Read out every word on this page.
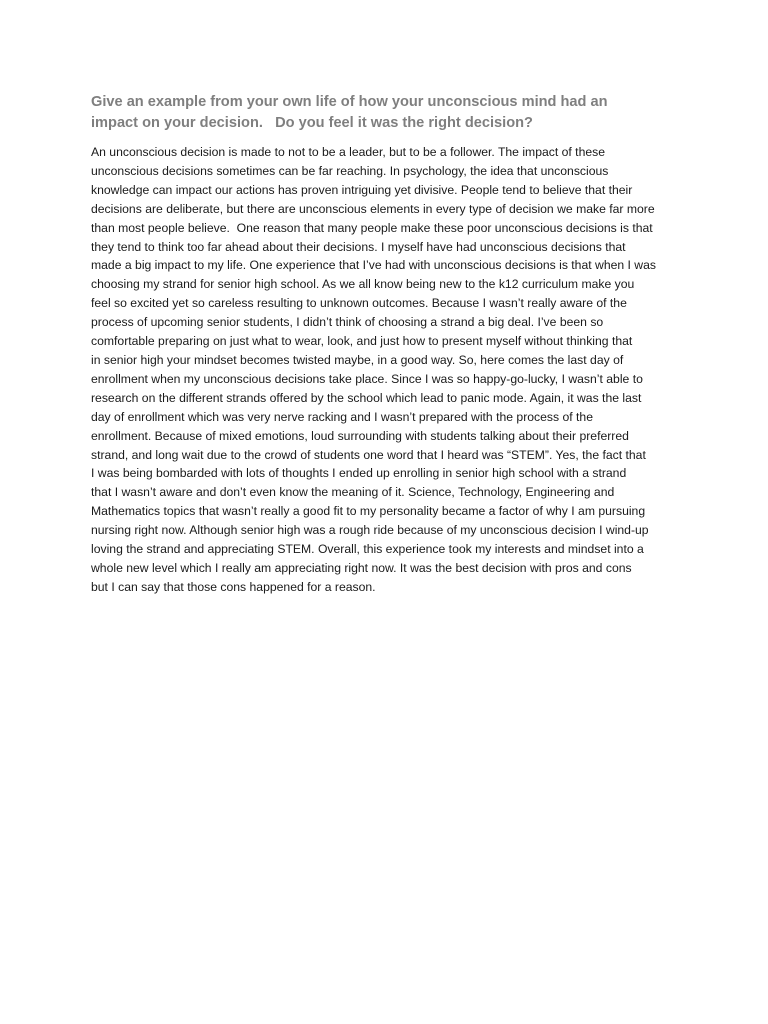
Give an example from your own life of how your unconscious mind had an
impact on your decision.   Do you feel it was the right decision?

An unconscious decision is made to not to be a leader, but to be a follower. The impact of these
unconscious decisions sometimes can be far reaching. In psychology, the idea that unconscious
knowledge can impact our actions has proven intriguing yet divisive. People tend to believe that their
decisions are deliberate, but there are unconscious elements in every type of decision we make far more
than most people believe.  One reason that many people make these poor unconscious decisions is that
they tend to think too far ahead about their decisions. I myself have had unconscious decisions that
made a big impact to my life. One experience that I’ve had with unconscious decisions is that when I was
choosing my strand for senior high school. As we all know being new to the k12 curriculum make you
feel so excited yet so careless resulting to unknown outcomes. Because I wasn’t really aware of the
process of upcoming senior students, I didn’t think of choosing a strand a big deal. I’ve been so
comfortable preparing on just what to wear, look, and just how to present myself without thinking that
in senior high your mindset becomes twisted maybe, in a good way. So, here comes the last day of
enrollment when my unconscious decisions take place. Since I was so happy-go-lucky, I wasn’t able to
research on the different strands offered by the school which lead to panic mode. Again, it was the last
day of enrollment which was very nerve racking and I wasn’t prepared with the process of the
enrollment. Because of mixed emotions, loud surrounding with students talking about their preferred
strand, and long wait due to the crowd of students one word that I heard was “STEM”. Yes, the fact that
I was being bombarded with lots of thoughts I ended up enrolling in senior high school with a strand
that I wasn’t aware and don’t even know the meaning of it. Science, Technology, Engineering and
Mathematics topics that wasn’t really a good fit to my personality became a factor of why I am pursuing
nursing right now. Although senior high was a rough ride because of my unconscious decision I wind-up
loving the strand and appreciating STEM. Overall, this experience took my interests and mindset into a
whole new level which I really am appreciating right now. It was the best decision with pros and cons
but I can say that those cons happened for a reason.
